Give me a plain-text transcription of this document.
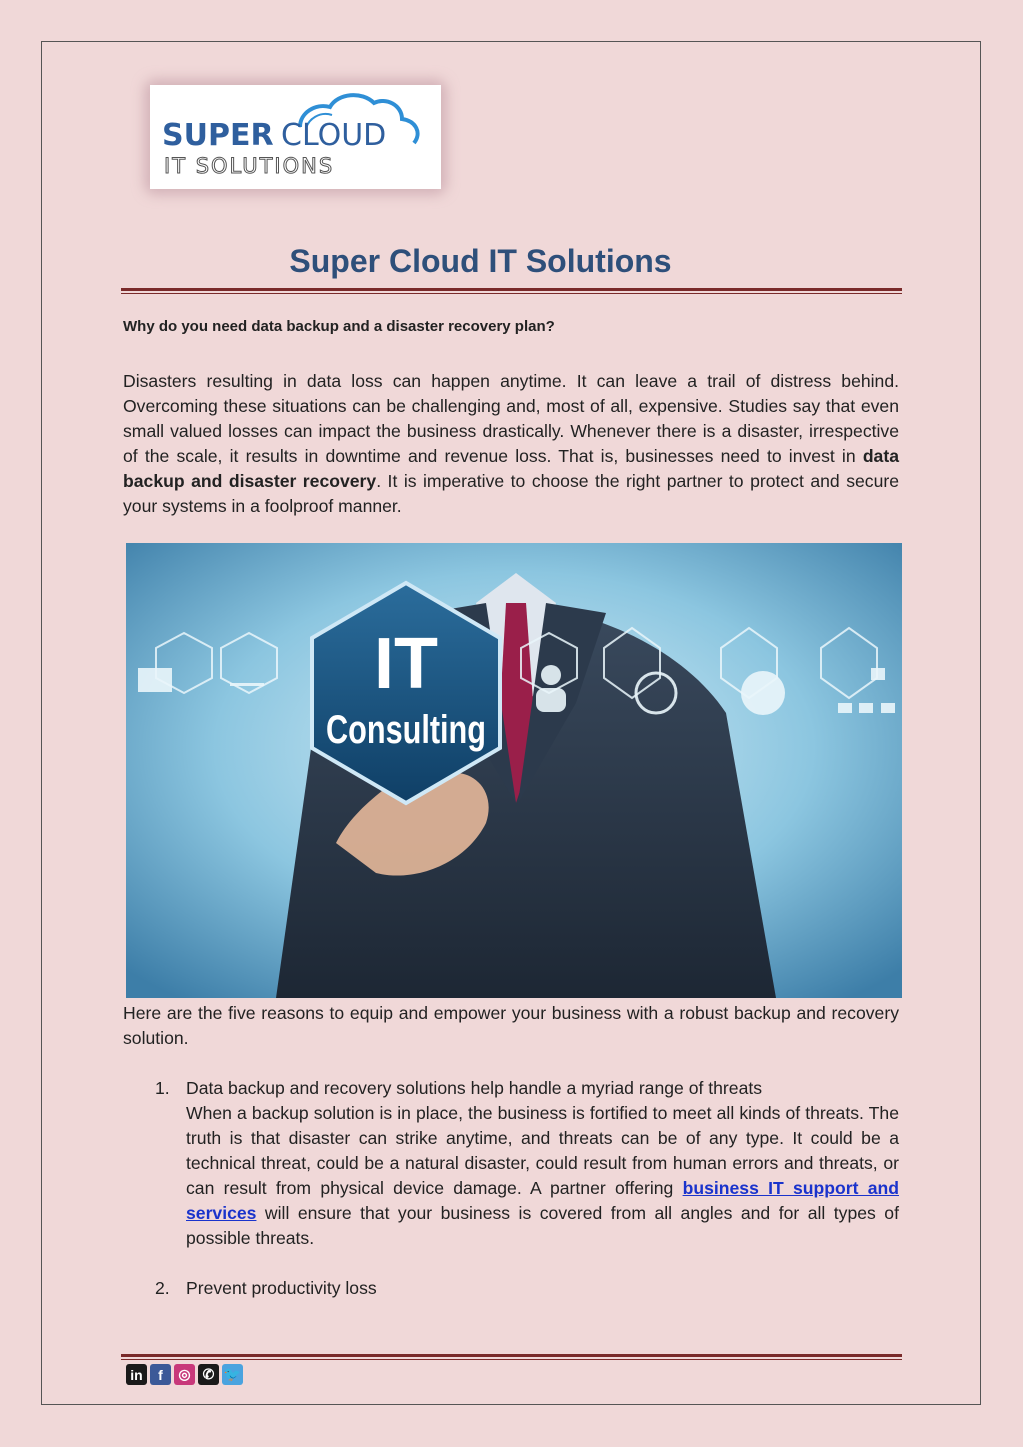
SUPER CLOUD
IT SOLUTIONS
Super Cloud IT Solutions
Why do you need data backup and a disaster recovery plan?
Disasters resulting in data loss can happen anytime. It can leave a trail of distress behind. Overcoming these situations can be challenging and, most of all, expensive. Studies say that even small valued losses can impact the business drastically. Whenever there is a disaster, irrespective of the scale, it results in downtime and revenue loss. That is, businesses need to invest in data backup and disaster recovery. It is imperative to choose the right partner to protect and secure your systems in a foolproof manner.
IT
Consulting
Here are the five reasons to equip and empower your business with a robust backup and recovery solution.
1. Data backup and recovery solutions help handle a myriad range of threats
When a backup solution is in place, the business is fortified to meet all kinds of threats. The truth is that disaster can strike anytime, and threats can be of any type. It could be a technical threat, could be a natural disaster, could result from human errors and threats, or can result from physical device damage. A partner offering business IT support and services will ensure that your business is covered from all angles and for all types of possible threats.
2. Prevent productivity loss
in	f	◎ ✆ 🐦
